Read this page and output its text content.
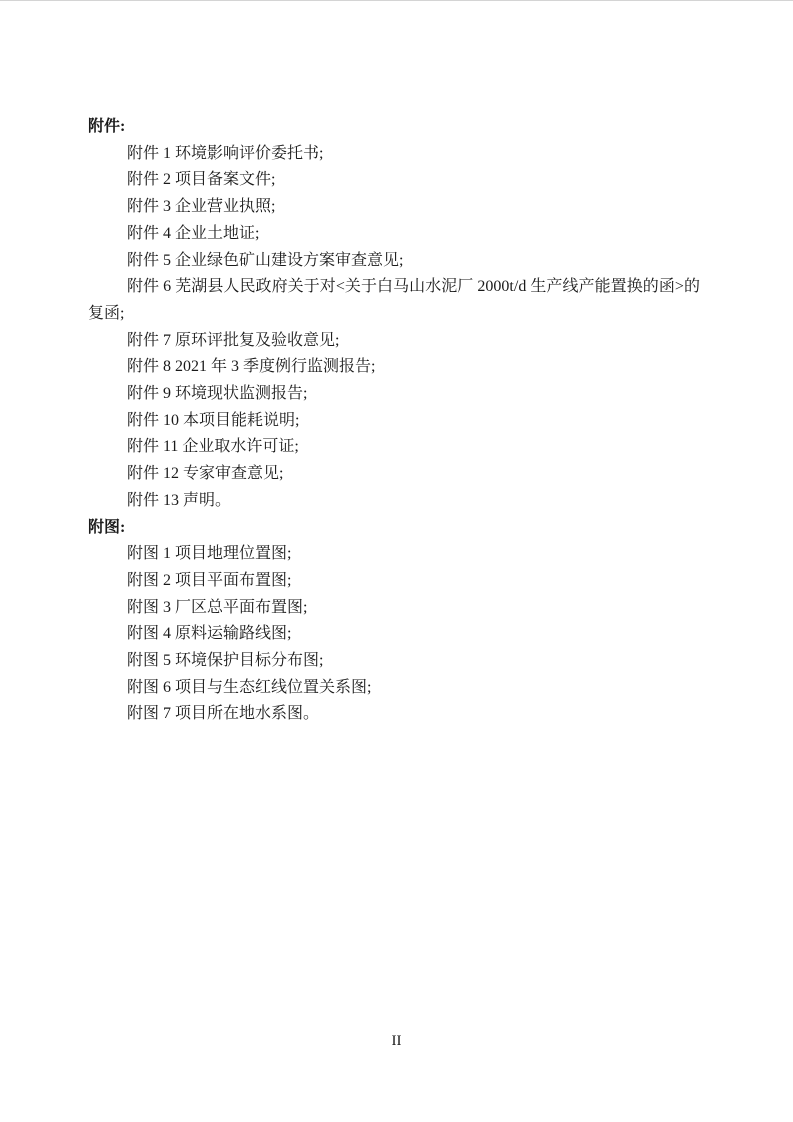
附件:

附件 1 环境影响评价委托书;

附件 2 项目备案文件;

附件 3 企业营业执照;

附件 4 企业土地证;

附件 5 企业绿色矿山建设方案审查意见;

附件 6 芜湖县人民政府关于对<关于白马山水泥厂 2000t/d 生产线产能置换的函>的复函;

附件 7 原环评批复及验收意见;

附件 8 2021 年 3 季度例行监测报告;

附件 9 环境现状监测报告;

附件 10 本项目能耗说明;

附件 11 企业取水许可证;

附件 12 专家审查意见;

附件 13 声明。

附图:

附图 1 项目地理位置图;

附图 2 项目平面布置图;

附图 3 厂区总平面布置图;

附图 4 原料运输路线图;

附图 5 环境保护目标分布图;

附图 6 项目与生态红线位置关系图;

附图 7 项目所在地水系图。

II
